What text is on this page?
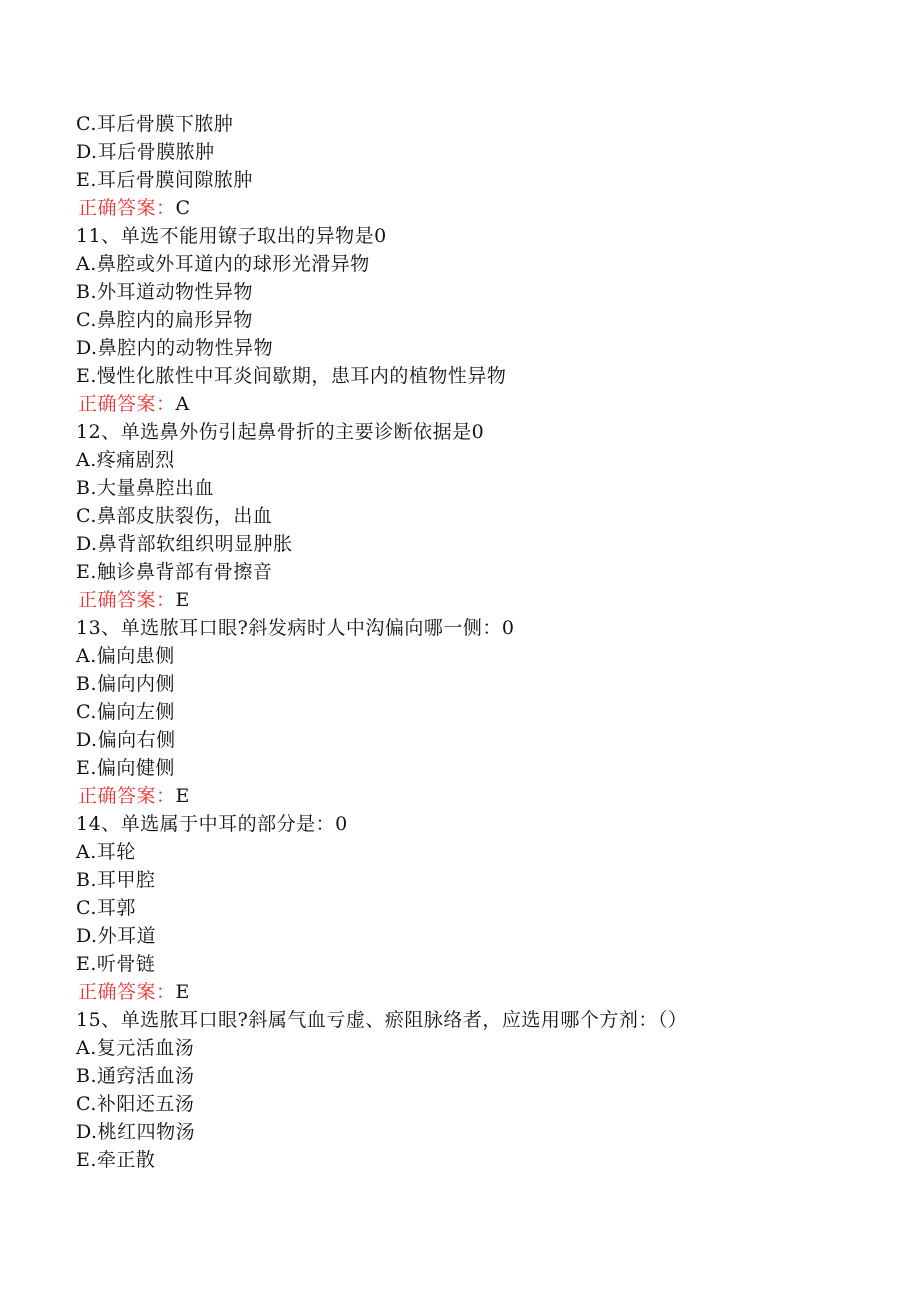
C.耳后骨膜下脓肿
D.耳后骨膜脓肿
E.耳后骨膜间隙脓肿
正确答案：C
11、单选不能用镣子取出的异物是0
A.鼻腔或外耳道内的球形光滑异物
B.外耳道动物性异物
C.鼻腔内的扁形异物
D.鼻腔内的动物性异物
E.慢性化脓性中耳炎间歇期，患耳内的植物性异物
正确答案：A
12、单选鼻外伤引起鼻骨折的主要诊断依据是0
A.疼痛剧烈
B.大量鼻腔出血
C.鼻部皮肤裂伤，出血
D.鼻背部软组织明显肿胀
E.触诊鼻背部有骨擦音
正确答案：E
13、单选脓耳口眼?斜发病时人中沟偏向哪一侧：0
A.偏向患侧
B.偏向内侧
C.偏向左侧
D.偏向右侧
E.偏向健侧
正确答案：E
14、单选属于中耳的部分是：0
A.耳轮
B.耳甲腔
C.耳郭
D.外耳道
E.听骨链
正确答案：E
15、单选脓耳口眼?斜属气血亏虚、瘀阻脉络者，应选用哪个方剂：（）
A.复元活血汤
B.通窍活血汤
C.补阳还五汤
D.桃红四物汤
E.牵正散
